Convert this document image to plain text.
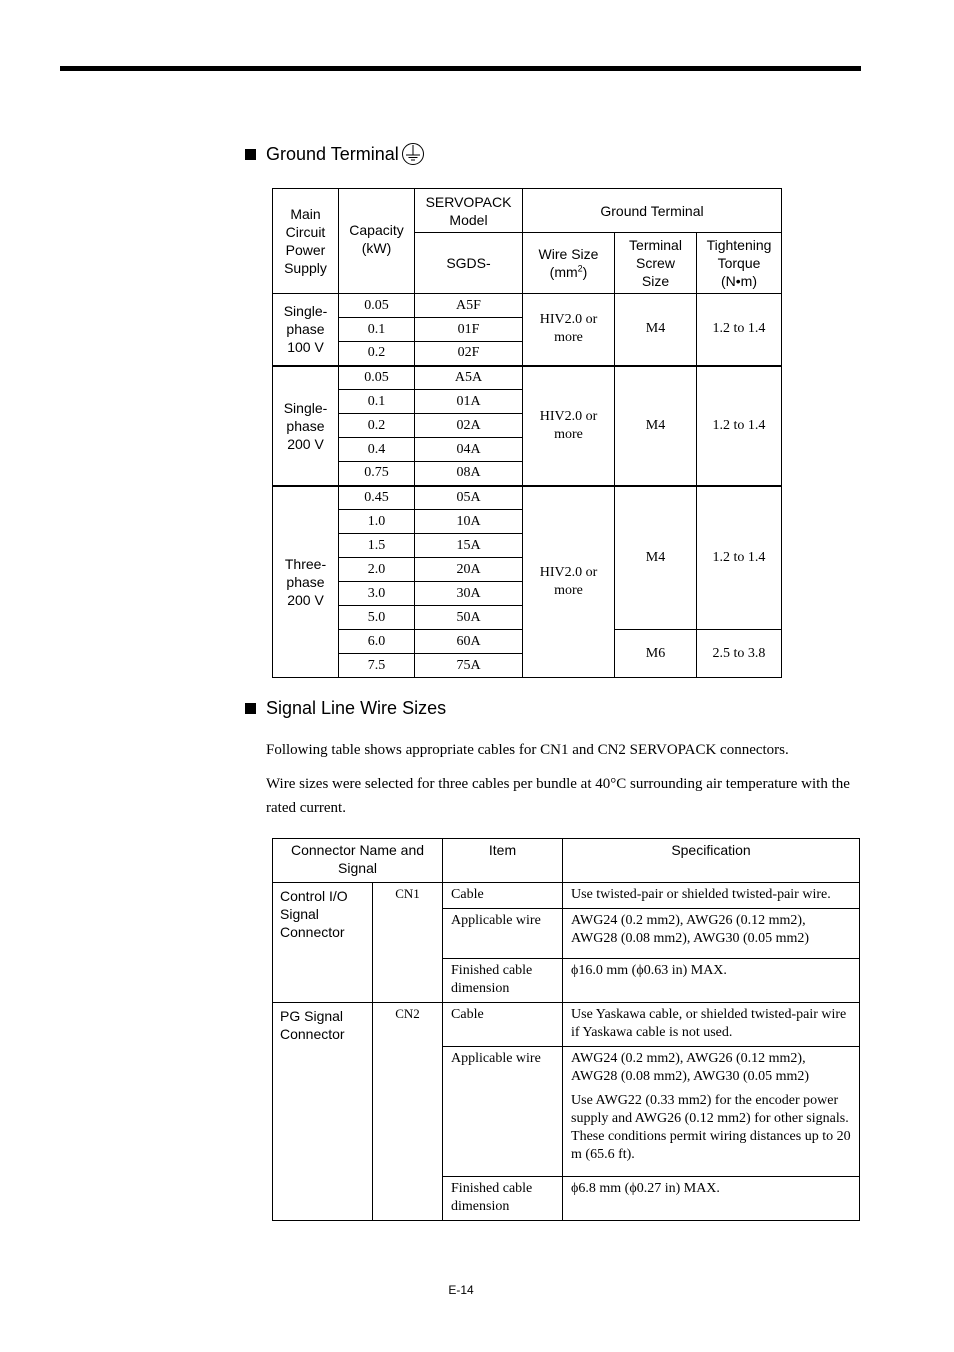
Ground Terminal
Main Circuit Power Supply	Capacity (kW)	SERVOPACK Model	Ground Terminal		
		SGDS-	Wire Size $(mm^2)$	Terminal Screw Size	Tightening Torque (N•m)
Single-phase 100 V	0.05	A5F	HIV2.0 or more	M4	1.2 to 1.4
	0.1	01F			
	0.2	02F			
Single-phase 200 V	0.05	A5A	HIV2.0 or more	M4	1.2 to 1.4
	0.1	01A			
	0.2	02A			
	0.4	04A			
	0.75	08A			
Three-phase 200 V	0.45	05A	HIV2.0 or more	M4	1.2 to 1.4
	1.0	10A			
	1.5	15A			
	2.0	20A			
	3.0	30A			
	5.0	50A			
	6.0	60A		M6	2.5 to 3.8
	7.5	75A			
Signal Line Wire Sizes
Following table shows appropriate cables for CN1 and CN2 SERVOPACK connectors.
Wire sizes were selected for three cables per bundle at 40°C surrounding air temperature with the rated current.
Connector Name and Signal		Item	Specification
Control I/O Signal Connector	CN1	Cable	Use twisted-pair or shielded twisted-pair wire.
		Applicable wire	AWG24 (0.2 mm2), AWG26 (0.12 mm2), AWG28 (0.08 mm2), AWG30 (0.05 mm2)
		Finished cable dimension	ϕ16.0 mm (ϕ0.63 in) MAX.
PG Signal Connector	CN2	Cable	Use Yaskawa cable, or shielded twisted-pair wire if Yaskawa cable is not used.
		Applicable wire	AWG24 (0.2 mm2), AWG26 (0.12 mm2), AWG28 (0.08 mm2), AWG30 (0.05 mm2)
Use AWG22 (0.33 mm2) for the encoder power supply and AWG26 (0.12 mm2) for other signals. These conditions permit wiring distances up to 20 m (65.6 ft).

		Finished cable dimension	ϕ6.8 mm (ϕ0.27 in) MAX.
E-14
